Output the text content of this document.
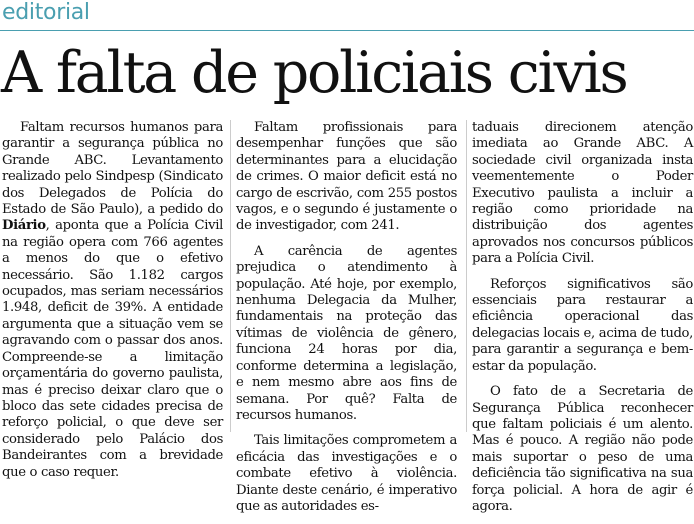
editorial
A falta de policiais civis

Faltam recursos humanos para garantir a segurança pública no Grande ABC. Levantamento realizado pelo Sindpesp (Sindicato dos Delegados de Polícia do Estado de São Paulo), a pedido do Diário, aponta que a Polícia Civil na região opera com 766 agentes a menos do que o efetivo necessário. São 1.182 cargos ocupados, mas seriam necessários 1.948, deficit de 39%. A entidade argumenta que a situação vem se agravando com o passar dos anos. Compreende-se a limitação orçamentária do governo paulista, mas é preciso deixar claro que o bloco das sete cidades precisa de reforço policial, o que deve ser considerado pelo Palácio dos Bandeirantes com a brevidade que o caso requer.

Faltam profissionais para desempenhar funções que são determinantes para a elucidação de crimes. O maior deficit está no cargo de escrivão, com 255 postos vagos, e o segundo é justamente o de investigador, com 241.

A carência de agentes prejudica o atendimento à população. Até hoje, por exemplo, nenhuma Delegacia da Mulher, fundamentais na proteção das vítimas de violência de gênero, funciona 24 horas por dia, conforme determina a legislação, e nem mesmo abre aos fins de semana. Por quê? Falta de recursos humanos.

Tais limitações comprometem a eficácia das investigações e o combate efetivo à violência. Diante deste cenário, é imperativo que as autoridades es-

taduais direcionem atenção imediata ao Grande ABC. A sociedade civil organizada insta veementemente o Poder Executivo paulista a incluir a região como prioridade na distribuição dos agentes aprovados nos concursos públicos para a Polícia Civil.

Reforços significativos são essenciais para restaurar a eficiência operacional das delegacias locais e, acima de tudo, para garantir a segurança e bem-estar da população.

O fato de a Secretaria de Segurança Pública reconhecer que faltam policiais é um alento. Mas é pouco. A região não pode mais suportar o peso de uma deficiência tão significativa na sua força policial. A hora de agir é agora.
